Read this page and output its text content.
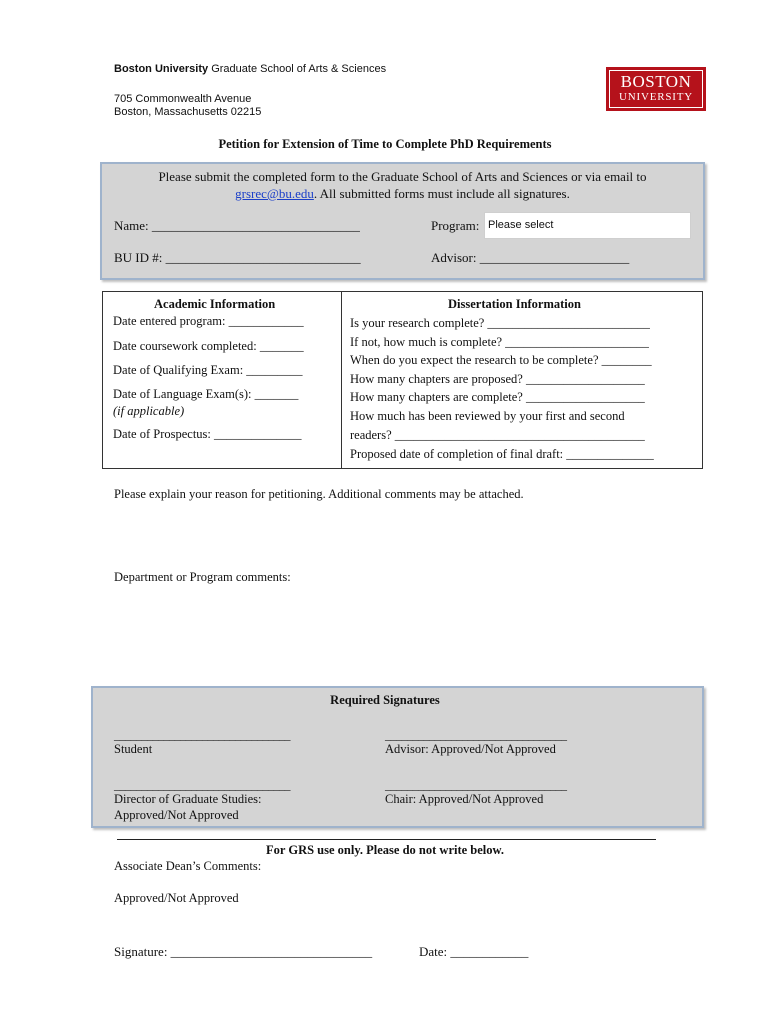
Boston University Graduate School of Arts & Sciences
705 Commonwealth Avenue
Boston, Massachusetts 02215
BOSTON
UNIVERSITY
Petition for Extension of Time to Complete PhD Requirements
Please submit the completed form to the Graduate School of Arts and Sciences or via email to
grsrec@bu.edu. All submitted forms must include all signatures.
Name: ________________________________	Program: Please select
BU ID #: ______________________________	Advisor: _______________________
Academic Information
Date entered program: ____________
Date coursework completed: _______
Date of Qualifying Exam: _________
Date of Language Exam(s): _______
(if applicable)
Date of Prospectus: ______________
Dissertation Information
Is your research complete? __________________________
If not, how much is complete? _______________________
When do you expect the research to be complete? ________
How many chapters are proposed? ___________________
How many chapters are complete? ___________________
How much has been reviewed by your first and second
readers? ________________________________________
Proposed date of completion of final draft: ______________
Please explain your reason for petitioning. Additional comments may be attached.
Department or Program comments:
Required Signatures
________________________________	_________________________________
Student	Advisor: Approved/Not Approved
________________________________	_________________________________
Director of Graduate Studies:	Chair: Approved/Not Approved
Approved/Not Approved
For GRS use only. Please do not write below.
Associate Dean’s Comments:
Approved/Not Approved
Signature: _______________________________	Date: ____________
